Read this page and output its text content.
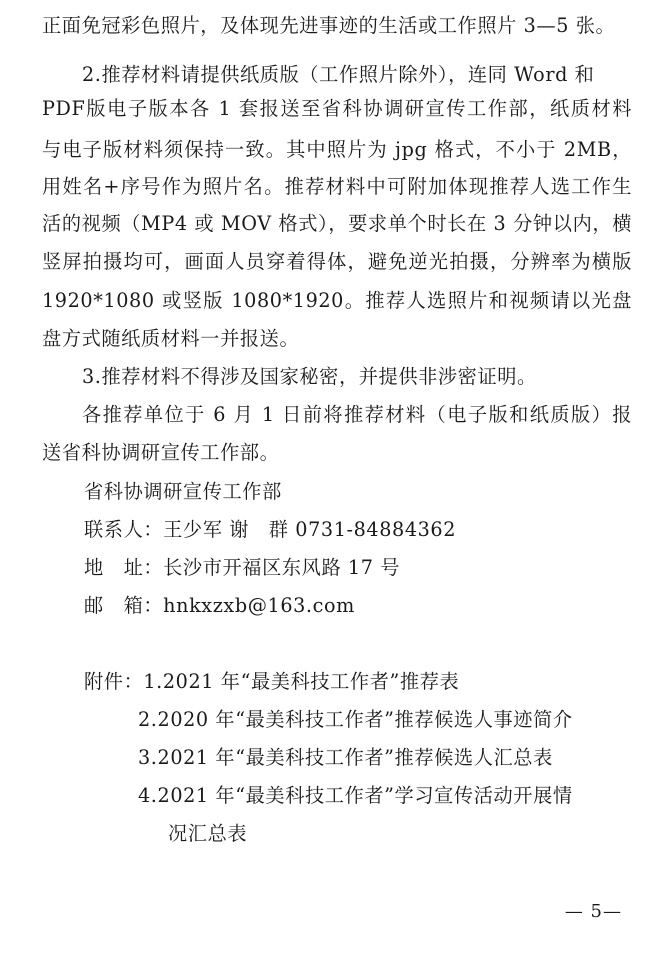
正面免冠彩色照片，及体现先进事迹的生活或工作照片 3—5 张。
2.推荐材料请提供纸质版（工作照片除外），连同 Word 和
PDF版电子版本各 1 套报送至省科协调研宣传工作部，纸质材料
与电子版材料须保持一致。其中照片为 jpg 格式，不小于 2MB，
用姓名+序号作为照片名。推荐材料中可附加体现推荐人选工作生
活的视频（MP4 或 MOV 格式），要求单个时长在 3 分钟以内，横
竖屏拍摄均可，画面人员穿着得体，避免逆光拍摄，分辨率为横版
1920*1080 或竖版 1080*1920。推荐人选照片和视频请以光盘
盘方式随纸质材料一并报送。
3.推荐材料不得涉及国家秘密，并提供非涉密证明。
各推荐单位于 6 月 1 日前将推荐材料（电子版和纸质版）报
送省科协调研宣传工作部。
省科协调研宣传工作部
联系人：王少军 谢　群 0731-84884362
地　址：长沙市开福区东风路 17 号
邮　箱：hnkxzxb@163.com
附件：1.2021 年“最美科技工作者”推荐表
2.2020 年“最美科技工作者”推荐候选人事迹简介
3.2021 年“最美科技工作者”推荐候选人汇总表
4.2021 年“最美科技工作者”学习宣传活动开展情
况汇总表
— 5—
